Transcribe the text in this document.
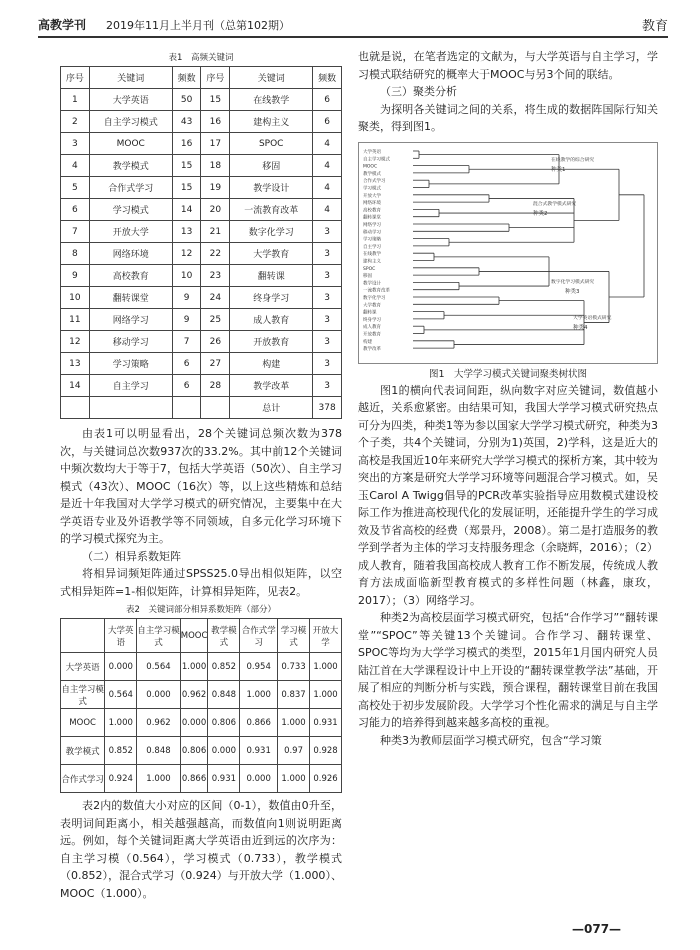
高教学刊 2019年11月上半月刊（总第102期）	教育
表1　高频关键词
序号	关键词	频数	序号	关键词	频数
1	大学英语	50	15	在线教学	6
2	自主学习模式	43	16	建构主义	6
3	MOOC	16	17	SPOC	4
4	教学模式	15	18	移固	4
5	合作式学习	15	19	教学设计	4
6	学习模式	14	20	一流教育改革	4
7	开放大学	13	21	数字化学习	3
8	网络环境	12	22	大学教育	3
9	高校教育	10	23	翻转课	3
10	翻转课堂	9	24	终身学习	3
11	网络学习	9	25	成人教育	3
12	移动学习	7	26	开放教育	3
13	学习策略	6	27	构建	3
14	自主学习	6	28	教学改革	3
				总计	378

由表1可以明显看出，28个关键词总频次数为378次，与关键词总次数937次的33.2%。其中前12个关键词中频次数均大于等于7，包括大学英语（50次）、自主学习模式（43次）、MOOC（16次）等，以上这些精炼和总结是近十年我国对大学学习模式的研究情况，主要集中在大学英语专业及外语教学等不同领域，自多元化学习环境下的学习模式探究为主。

（二）相异系数矩阵

将相异词频矩阵通过SPSS25.0导出相似矩阵，以空式相异矩阵=1-相似矩阵，计算相异矩阵，见表2。

表2　关键词部分相异系数矩阵（部分）
	大学英语	自主学习模式	MOOC	教学模式	合作式学习	学习模式	开放大学
大学英语	0.000	0.564	1.000	0.852	0.954	0.733	1.000
自主学习模式	0.564	0.000	0.962	0.848	1.000	0.837	1.000
MOOC	1.000	0.962	0.000	0.806	0.866	1.000	0.931
教学模式	0.852	0.848	0.806	0.000	0.931	0.97	0.928
合作式学习	0.924	1.000	0.866	0.931	0.000	1.000	0.926

表2内的数值大小对应的区间（0-1），数值由0升至，表明词间距离小，相关越强越高，而数值向1则说明距离远。例如，每个关键词距离大学英语由近到远的次序为：自主学习模（0.564），学习模式（0.733），教学模式（0.852），混合式学习（0.924）与开放大学（1.000）、MOOC（1.000）。

也就是说，在笔者选定的文献为，与大学英语与自主学习，学习模式联结研究的概率大于MOOC与另3个间的联结。

（三）聚类分析

为探明各关键词之间的关系，将生成的数据阵国际行知关聚类，得到图1。

大学英语
自主学习模式
MOOC
教学模式
合作式学习
学习模式
开放大学
网络环境
高校教育
翻转课堂
网络学习
移动学习
学习策略
自主学习
在线教学
建构主义
SPOC
移固
教学设计
一流教育改革
数字化学习
大学教育
翻转课
终身学习
成人教育
开放教育
构建
教学改革
种类1
种类2
种类3
种类4
在线教学的综合研究
混合式教学模式研究
数字化学习模式研究
大学英语模式研究
图1　大学学习模式关键词聚类树状图

图1的横向代表词间距，纵向数字对应关键词，数值越小越近，关系愈紧密。由结果可知，我国大学学习模式研究热点可分为四类，种类1等为参以国家大学学习模式研究，种类为3个子类，共4个关键词，分别为1)英国，2)学科，这是近大的高校是我国近10年来研究大学学习模式的探析方案，其中较为突出的方案是研究大学学习环境等问题混合学习模式。如，吴玉Carol A Twigg倡导的PCR改革实验指导应用数模式建设校际工作为推进高校现代化的发展证明，还能提升学生的学习成效及节省高校的经费（郑景丹，2008）。第二是打造服务的教学到学者为主体的学习支持服务理念（余晓辉，2016）；（2）成人教育，随着我国高校成人教育工作不断发展，传统成人教育方法成面临新型教育模式的多样性问题（林鑫，康玫，2017）；（3）网络学习。

种类2为高校层面学习模式研究，包括“合作学习”“翻转课堂”“SPOC”等关键13个关键词。合作学习、翻转课堂、SPOC等均为大学学习模式的类型，2015年1月国内研究人员陆江首在大学课程设计中上开设的“翻转课堂教学法”基础，开展了相应的判断分析与实践，预合课程，翻转课堂目前在我国高校处于初步发展阶段。大学学习个性化需求的满足与自主学习能力的培养得到越来越多高校的重视。

种类3为教师层面学习模式研究，包含“学习策

—077—
